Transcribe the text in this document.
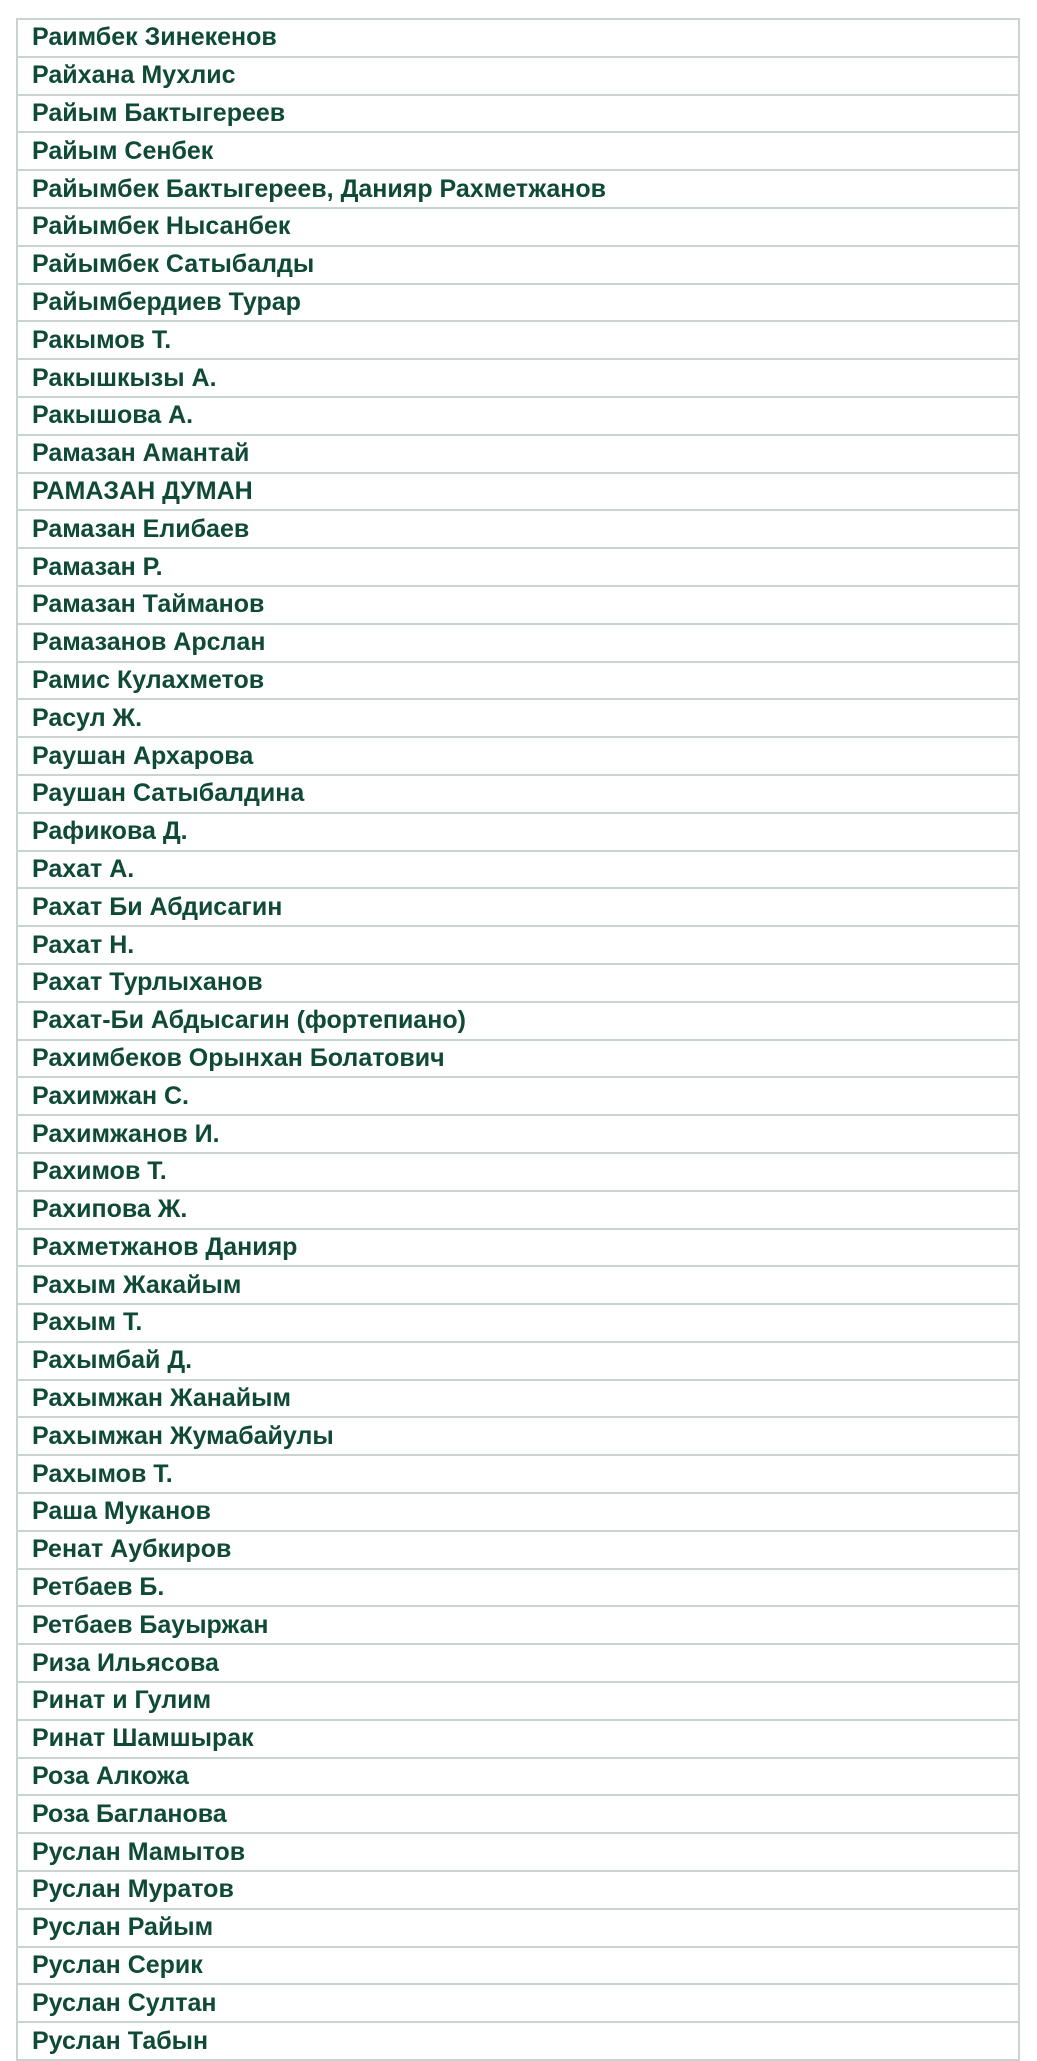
Раимбек Зинекенов
Райхана Мухлис
Райым Бактыгереев
Райым Сенбек
Райымбек Бактыгереев, Данияр Рахметжанов
Райымбек Нысанбек
Райымбек Сатыбалды
Райымбердиев Турар
Ракымов Т.
Ракышкызы А.
Ракышова А.
Рамазан Амантай
РАМАЗАН ДУМАН
Рамазан Елибаев
Рамазан Р.
Рамазан Тайманов
Рамазанов Арслан
Рамис Кулахметов
Расул Ж.
Раушан Архарова
Раушан Сатыбалдина
Рафикова Д.
Рахат А.
Рахат Би Абдисагин
Рахат Н.
Рахат Турлыханов
Рахат-Би Абдысагин (фортепиано)
Рахимбеков Орынхан Болатович
Рахимжан С.
Рахимжанов И.
Рахимов Т.
Рахипова Ж.
Рахметжанов Данияр
Рахым Жакайым
Рахым Т.
Рахымбай Д.
Рахымжан Жанайым
Рахымжан Жумабайулы
Рахымов Т.
Раша Муканов
Ренат Аубкиров
Ретбаев Б.
Ретбаев Бауыржан
Риза Ильясова
Ринат и Гулим
Ринат Шамшырак
Роза Алкожа
Роза Багланова
Руслан Мамытов
Руслан Муратов
Руслан Райым
Руслан Серик
Руслан Султан
Руслан Табын
